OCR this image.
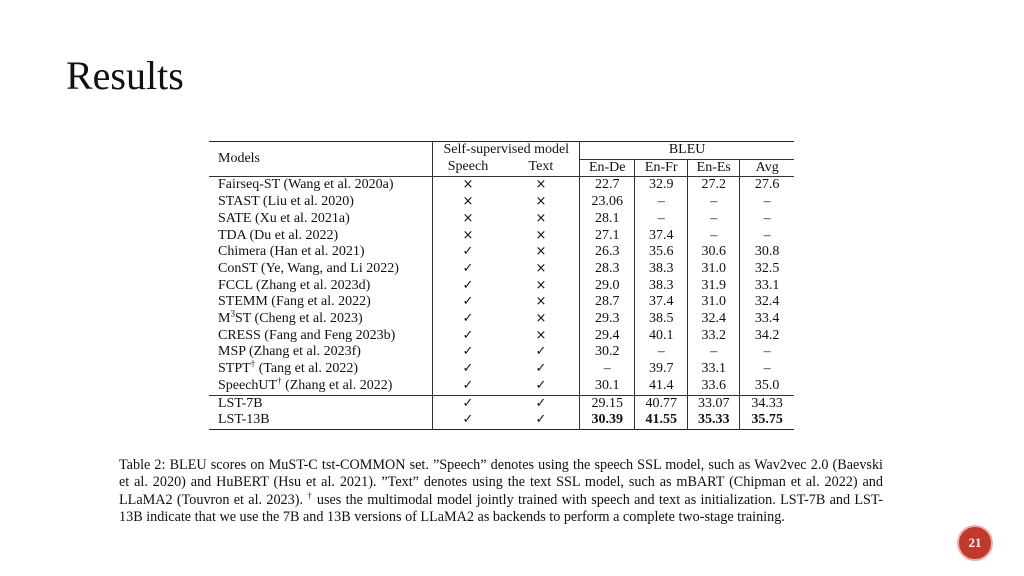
Results
Models	Self-supervised model		BLEU			
	Speech	Text	En-De	En-Fr	En-Es	Avg
Fairseq-ST (Wang et al. 2020a)	×	×	22.7	32.9	27.2	27.6
STAST (Liu et al. 2020)	×	×	23.06	–	–	–
SATE (Xu et al. 2021a)	×	×	28.1	–	–	–
TDA (Du et al. 2022)	×	×	27.1	37.4	–	–
Chimera (Han et al. 2021)	✓	×	26.3	35.6	30.6	30.8
ConST (Ye, Wang, and Li 2022)	✓	×	28.3	38.3	31.0	32.5
FCCL (Zhang et al. 2023d)	✓	×	29.0	38.3	31.9	33.1
STEMM (Fang et al. 2022)	✓	×	28.7	37.4	31.0	32.4
$M^3ST$ (Cheng et al. 2023)	✓	×	29.3	38.5	32.4	33.4
CRESS (Fang and Feng 2023b)	✓	×	29.4	40.1	33.2	34.2
MSP (Zhang et al. 2023f)	✓	✓	30.2	–	–	–
STPT† (Tang et al. 2022)	✓	✓	–	39.7	33.1	–
SpeechUT† (Zhang et al. 2022)	✓	✓	30.1	41.4	33.6	35.0
LST-7B	✓	✓	29.15	40.77	33.07	34.33
LST-13B	✓	✓	30.39	41.55	35.33	35.75

Table 2: BLEU scores on MuST-C tst-COMMON set. ”Speech” denotes using the speech SSL model, such as Wav2vec 2.0 (Baevski et al. 2020) and HuBERT (Hsu et al. 2021). ”Text” denotes using the text SSL model, such as mBART (Chipman et al. 2022) and LLaMA2 (Touvron et al. 2023). † uses the multimodal model jointly trained with speech and text as initialization. LST-7B and LST-13B indicate that we use the 7B and 13B versions of LLaMA2 as backends to perform a complete two-stage training.

21
